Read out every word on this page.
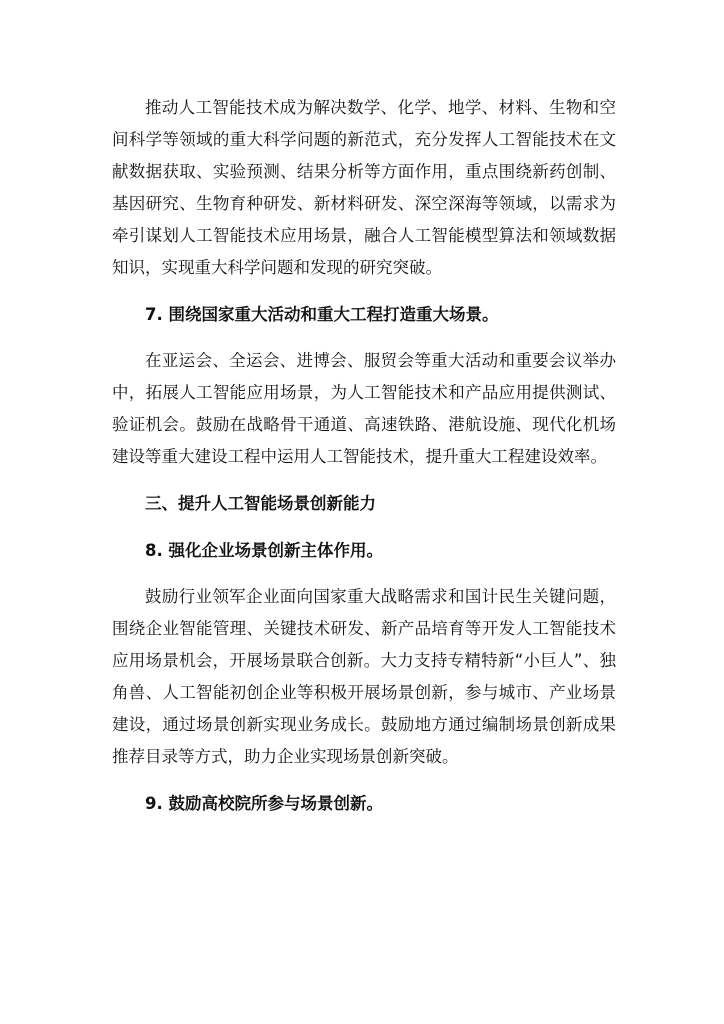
推动人工智能技术成为解决数学、化学、地学、材料、生物和空间科学等领域的重大科学问题的新范式，充分发挥人工智能技术在文献数据获取、实验预测、结果分析等方面作用，重点围绕新药创制、基因研究、生物育种研发、新材料研发、深空深海等领域，以需求为牵引谋划人工智能技术应用场景，融合人工智能模型算法和领域数据知识，实现重大科学问题和发现的研究突破。

7. 围绕国家重大活动和重大工程打造重大场景。

在亚运会、全运会、进博会、服贸会等重大活动和重要会议举办中，拓展人工智能应用场景，为人工智能技术和产品应用提供测试、验证机会。鼓励在战略骨干通道、高速铁路、港航设施、现代化机场建设等重大建设工程中运用人工智能技术，提升重大工程建设效率。

三、提升人工智能场景创新能力

8. 强化企业场景创新主体作用。

鼓励行业领军企业面向国家重大战略需求和国计民生关键问题，围绕企业智能管理、关键技术研发、新产品培育等开发人工智能技术应用场景机会，开展场景联合创新。大力支持专精特新“小巨人”、独角兽、人工智能初创企业等积极开展场景创新，参与城市、产业场景建设，通过场景创新实现业务成长。鼓励地方通过编制场景创新成果推荐目录等方式，助力企业实现场景创新突破。

9. 鼓励高校院所参与场景创新。
